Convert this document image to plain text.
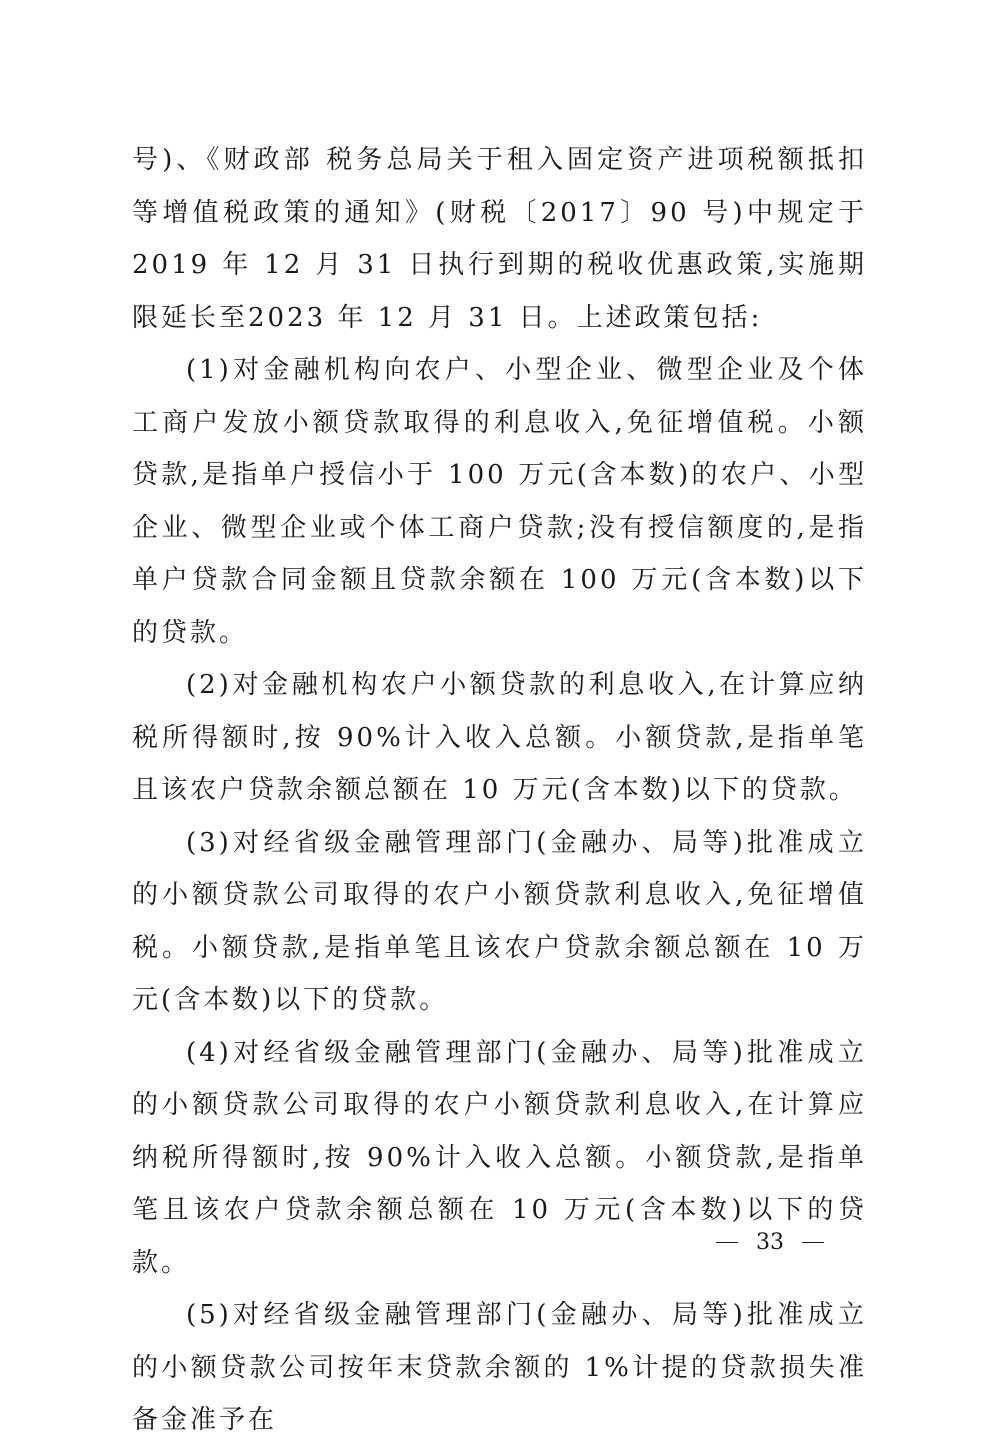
号)、《财政部 税务总局关于租入固定资产进项税额抵扣等增值税政策的通知》(财税〔2017〕90 号)中规定于 2019 年 12 月 31 日执行到期的税收优惠政策,实施期限延长至2023 年 12 月 31 日。上述政策包括:

(1)对金融机构向农户、小型企业、微型企业及个体工商户发放小额贷款取得的利息收入,免征增值税。小额贷款,是指单户授信小于 100 万元(含本数)的农户、小型企业、微型企业或个体工商户贷款;没有授信额度的,是指单户贷款合同金额且贷款余额在 100 万元(含本数)以下的贷款。

(2)对金融机构农户小额贷款的利息收入,在计算应纳税所得额时,按 90%计入收入总额。小额贷款,是指单笔且该农户贷款余额总额在 10 万元(含本数)以下的贷款。

(3)对经省级金融管理部门(金融办、局等)批准成立的小额贷款公司取得的农户小额贷款利息收入,免征增值税。小额贷款,是指单笔且该农户贷款余额总额在 10 万元(含本数)以下的贷款。

(4)对经省级金融管理部门(金融办、局等)批准成立的小额贷款公司取得的农户小额贷款利息收入,在计算应纳税所得额时,按 90%计入收入总额。小额贷款,是指单笔且该农户贷款余额总额在 10 万元(含本数)以下的贷款。

(5)对经省级金融管理部门(金融办、局等)批准成立的小额贷款公司按年末贷款余额的 1%计提的贷款损失准备金准予在

33
